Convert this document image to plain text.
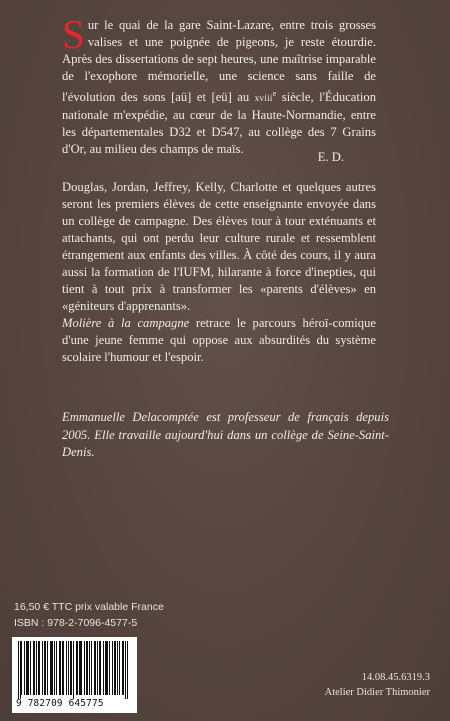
Sur le quai de la gare Saint-Lazare, entre trois grosses valises et une poignée de pigeons, je reste étourdie. Après des dissertations de sept heures, une maîtrise imparable de l'exophore mémorielle, une science sans faille de l'évolution des sons [aü] et [eü] au xviii$^e$ siècle, l'Éducation nationale m'expédie, au cœur de la Haute-Normandie, entre les départementales D32 et D547, au collège des 7 Grains d'Or, au milieu des champs de maïs.

E. D.

Douglas, Jordan, Jeffrey, Kelly, Charlotte et quelques autres seront les premiers élèves de cette enseignante envoyée dans un collège de campagne. Des élèves tour à tour exténuants et attachants, qui ont perdu leur culture rurale et ressemblent étrangement aux enfants des villes. À côté des cours, il y aura aussi la formation de l'IUFM, hilarante à force d'inepties, qui tient à tout prix à transformer les «parents d'élèves» en «géniteurs d'apprenants».

Molière à la campagne retrace le parcours héroï-comique d'une jeune femme qui oppose aux absurdités du système scolaire l'humour et l'espoir.

Emmanuelle Delacomptée est professeur de français depuis 2005. Elle travaille aujourd'hui dans un collège de Seine-Saint-Denis.
16,50 € TTC prix valable France
ISBN : 978-2-7096-4577-5
9 782709 645775
14.08.45.6319.3
Atelier Didier Thimonier
